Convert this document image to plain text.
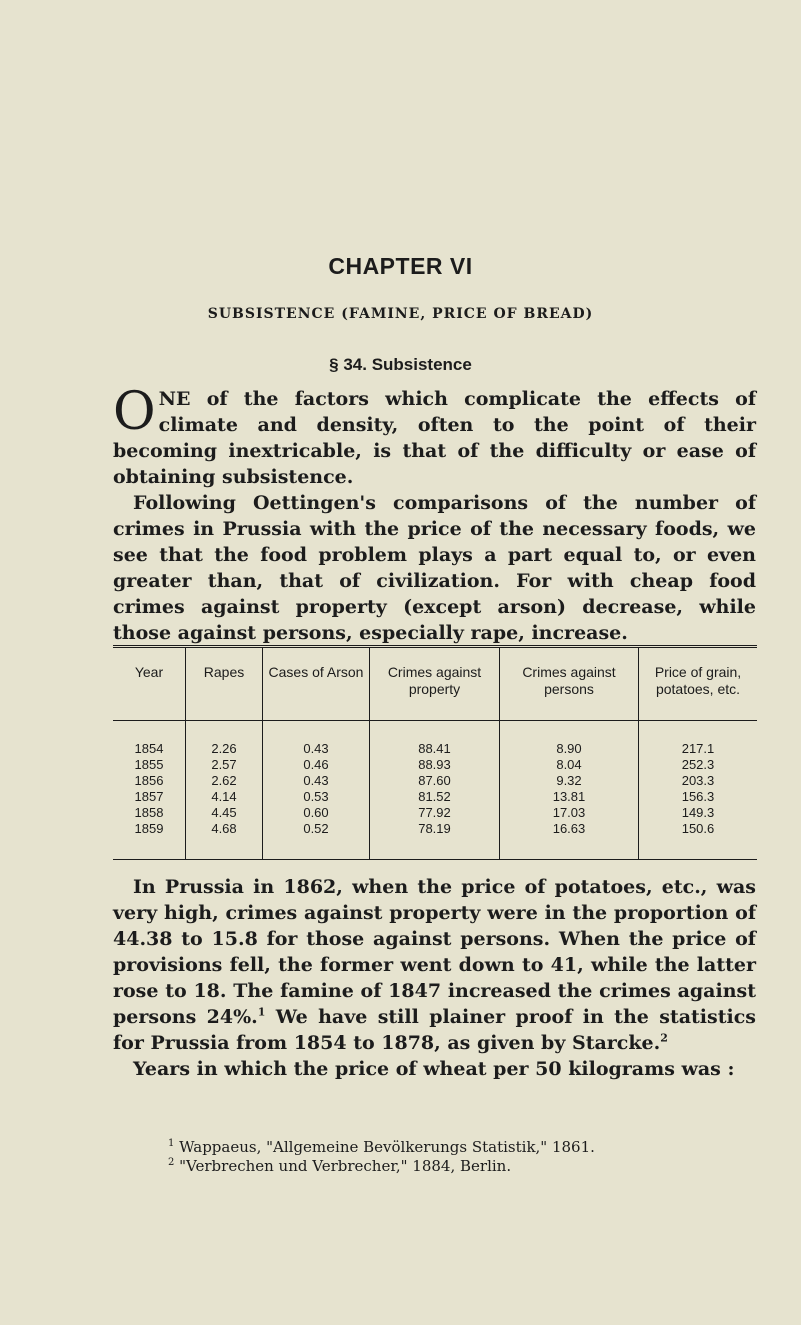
CHAPTER VI
SUBSISTENCE (FAMINE, PRICE OF BREAD)
§ 34. Subsistence

ONE of the factors which complicate the effects of climate and density, often to the point of their becoming inextricable, is that of the difficulty or ease of obtaining subsistence.

Following Oettingen's comparisons of the number of crimes in Prussia with the price of the necessary foods, we see that the food problem plays a part equal to, or even greater than, that of civilization. For with cheap food crimes against property (except arson) decrease, while those against persons, especially rape, increase.

Year	Rapes	Cases of Arson	Crimes against property	Crimes against persons	Price of grain, potatoes, etc.
1854	2.26	0.43	88.41	8.90	217.1
1855	2.57	0.46	88.93	8.04	252.3
1856	2.62	0.43	87.60	9.32	203.3
1857	4.14	0.53	81.52	13.81	156.3
1858	4.45	0.60	77.92	17.03	149.3
1859	4.68	0.52	78.19	16.63	150.6

In Prussia in 1862, when the price of potatoes, etc., was very high, crimes against property were in the proportion of 44.38 to 15.8 for those against persons. When the price of provisions fell, the former went down to 41, while the latter rose to 18. The famine of 1847 increased the crimes against persons 24%.$^1$ We have still plainer proof in the statistics for Prussia from 1854 to 1878, as given by Starcke.$^2$

Years in which the price of wheat per 50 kilograms was :

$^1$ Wappaeus, "Allgemeine Bevölkerungs Statistik," 1861.
$^2$ "Verbrechen und Verbrecher," 1884, Berlin.
